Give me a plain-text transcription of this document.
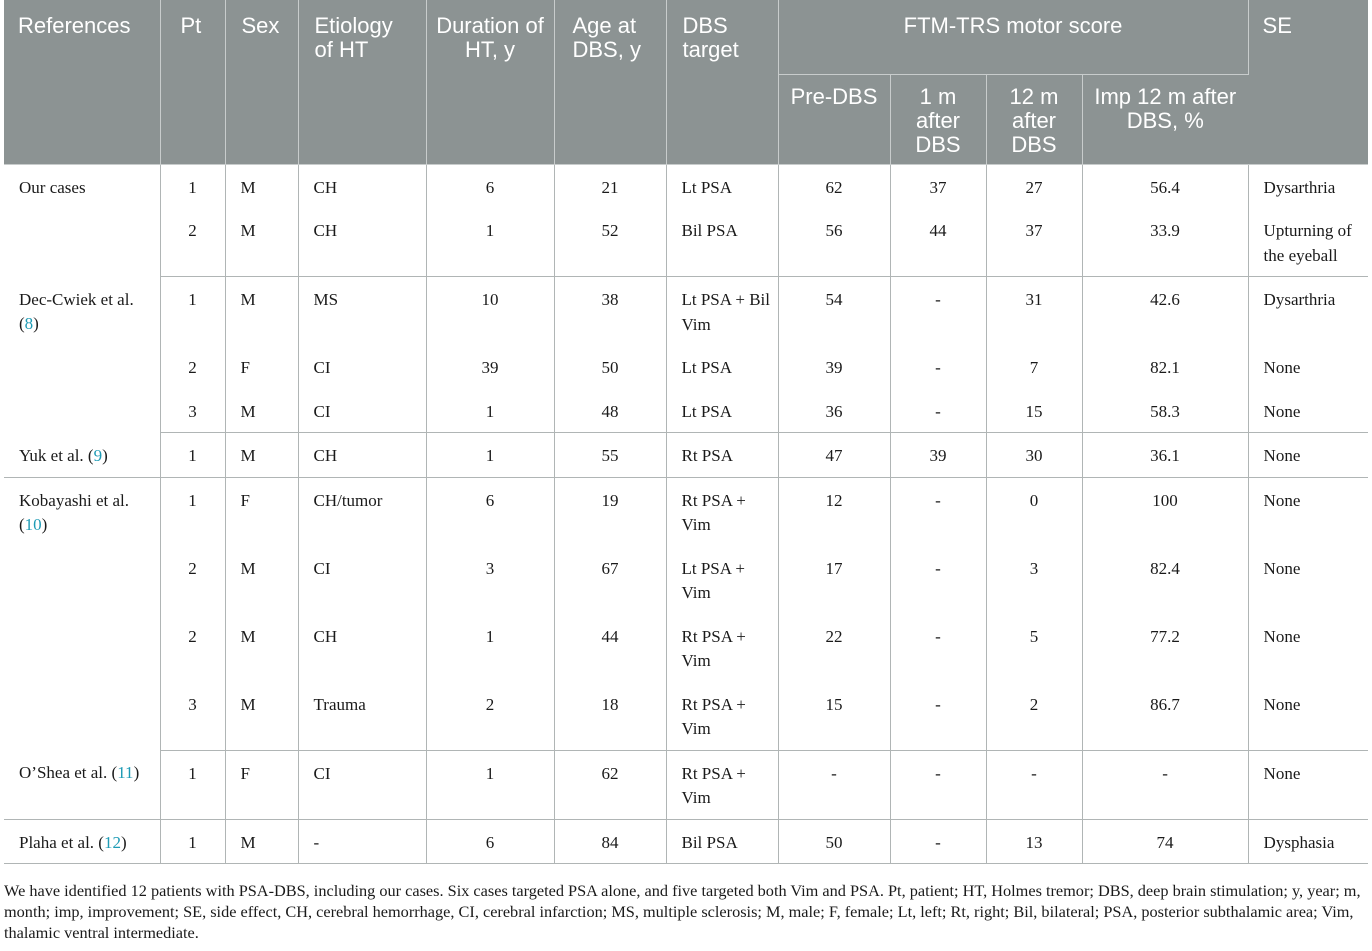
References	Pt	Sex	Etiology of HT	Duration of HT, y	Age at DBS, y	DBS target	FTM-TRS motor score				SE
							Pre-DBS	1 m after DBS	12 m after DBS	Imp 12 m after DBS, %	
Our cases	1	M	CH	6	21	Lt PSA	62	37	27	56.4	Dysarthria
	2	M	CH	1	52	Bil PSA	56	44	37	33.9	Upturning of the eyeball
Dec-Cwiek et al. (8)	1	M	MS	10	38	Lt PSA + Bil Vim	54	-	31	42.6	Dysarthria
	2	F	CI	39	50	Lt PSA	39	-	7	82.1	None
	3	M	CI	1	48	Lt PSA	36	-	15	58.3	None
Yuk et al. (9)	1	M	CH	1	55	Rt PSA	47	39	30	36.1	None
Kobayashi et al. (10)	1	F	CH/tumor	6	19	Rt PSA + Vim	12	-	0	100	None
	2	M	CI	3	67	Lt PSA + Vim	17	-	3	82.4	None
	2	M	CH	1	44	Rt PSA + Vim	22	-	5	77.2	None
	3	M	Trauma	2	18	Rt PSA + Vim	15	-	2	86.7	None
O’Shea et al. (11)	1	F	CI	1	62	Rt PSA + Vim	-	-	-	-	None
Plaha et al. (12)	1	M	-	6	84	Bil PSA	50	-	13	74	Dysphasia

We have identified 12 patients with PSA-DBS, including our cases. Six cases targeted PSA alone, and five targeted both Vim and PSA. Pt, patient; HT, Holmes tremor; DBS, deep brain stimulation; y, year; m, month; imp, improvement; SE, side effect, CH, cerebral hemorrhage, CI, cerebral infarction; MS, multiple sclerosis; M, male; F, female; Lt, left; Rt, right; Bil, bilateral; PSA, posterior subthalamic area; Vim, thalamic ventral intermediate.
